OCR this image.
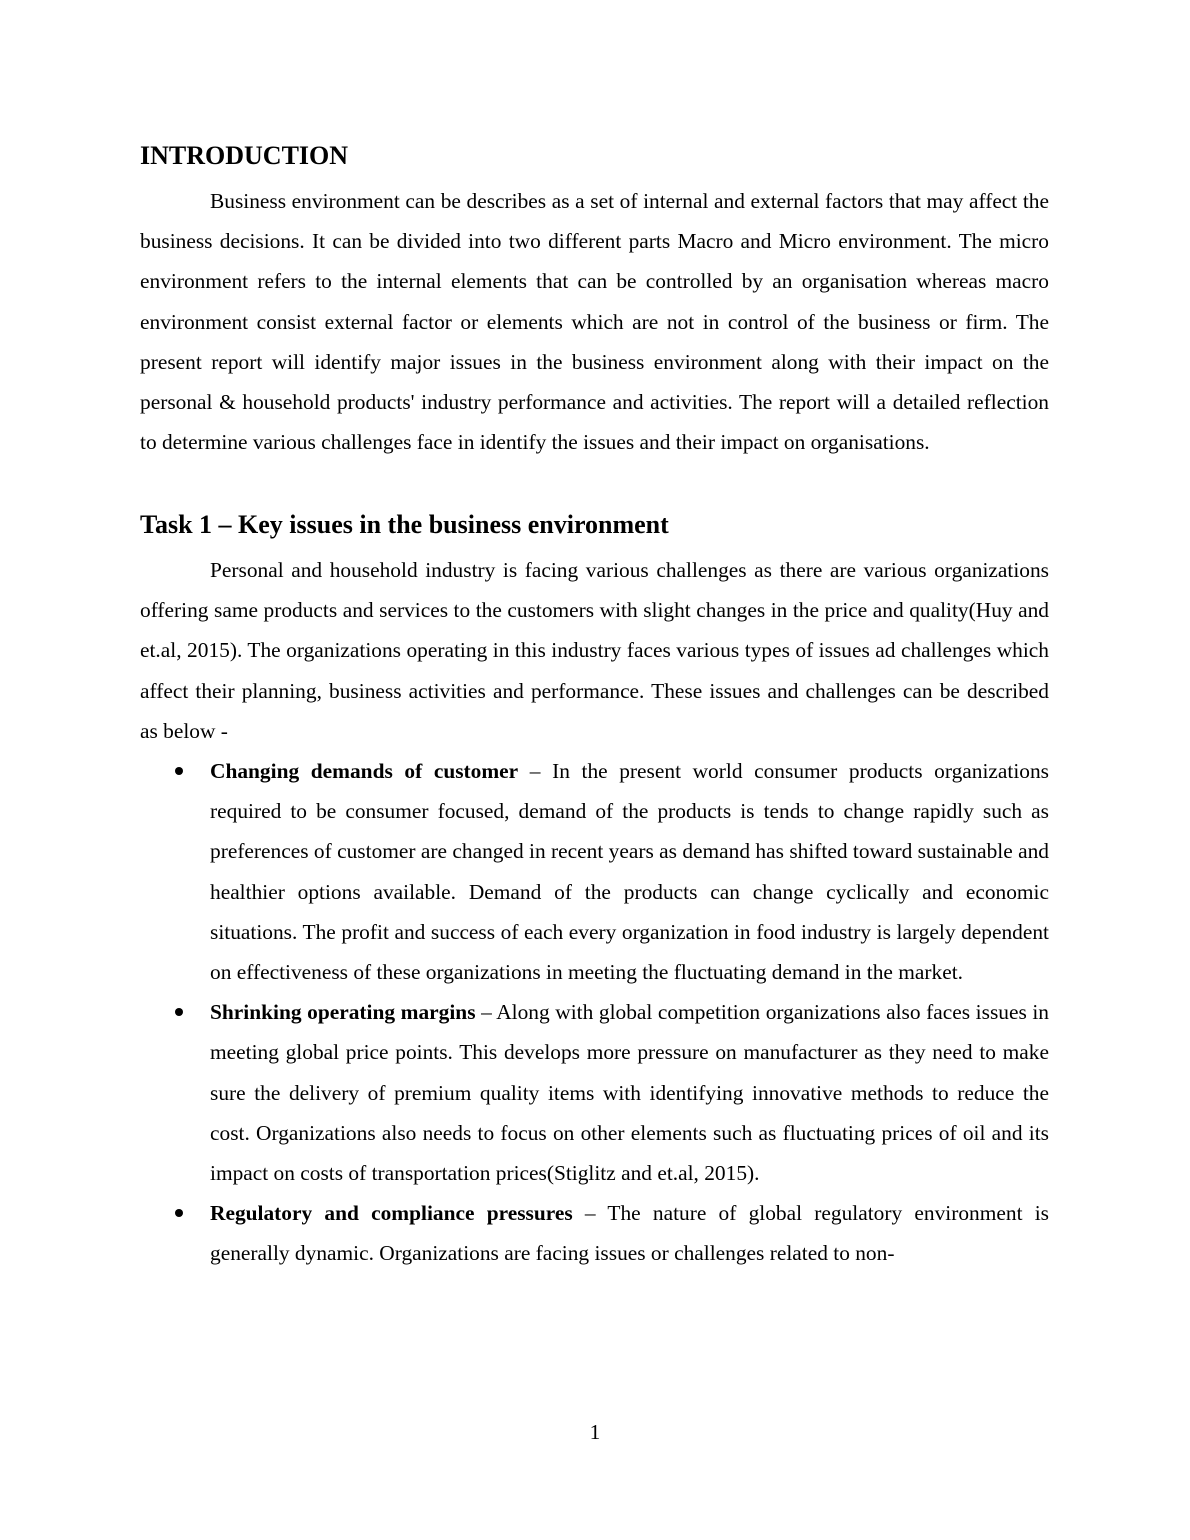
INTRODUCTION

Business environment can be describes as a set of internal and external factors that may affect the business decisions. It can be divided into two different parts Macro and Micro environment. The micro environment refers to the internal elements that can be controlled by an organisation whereas macro environment consist external factor or elements which are not in control of the business or firm. The present report will identify major issues in the business environment along with their impact on the personal & household products' industry performance and activities. The report will a detailed reflection to determine various challenges face in identify the issues and their impact on organisations.

Task 1 – Key issues in the business environment

Personal and household industry is facing various challenges as there are various organizations offering same products and services to the customers with slight changes in the price and quality(Huy and et.al, 2015). The organizations operating in this industry faces various types of issues ad challenges which affect their planning, business activities and performance. These issues and challenges can be described as below -

Changing demands of customer – In the present world consumer products organizations required to be consumer focused, demand of the products is tends to change rapidly such as preferences of customer are changed in recent years as demand has shifted toward sustainable and healthier options available. Demand of the products can change cyclically and economic situations. The profit and success of each every organization in food industry is largely dependent on effectiveness of these organizations in meeting the fluctuating demand in the market.
Shrinking operating margins – Along with global competition organizations also faces issues in meeting global price points. This develops more pressure on manufacturer as they need to make sure the delivery of premium quality items with identifying innovative methods to reduce the cost. Organizations also needs to focus on other elements such as fluctuating prices of oil and its impact on costs of transportation prices(Stiglitz and et.al, 2015).
Regulatory and compliance pressures – The nature of global regulatory environment is generally dynamic. Organizations are facing issues or challenges related to non-
1
